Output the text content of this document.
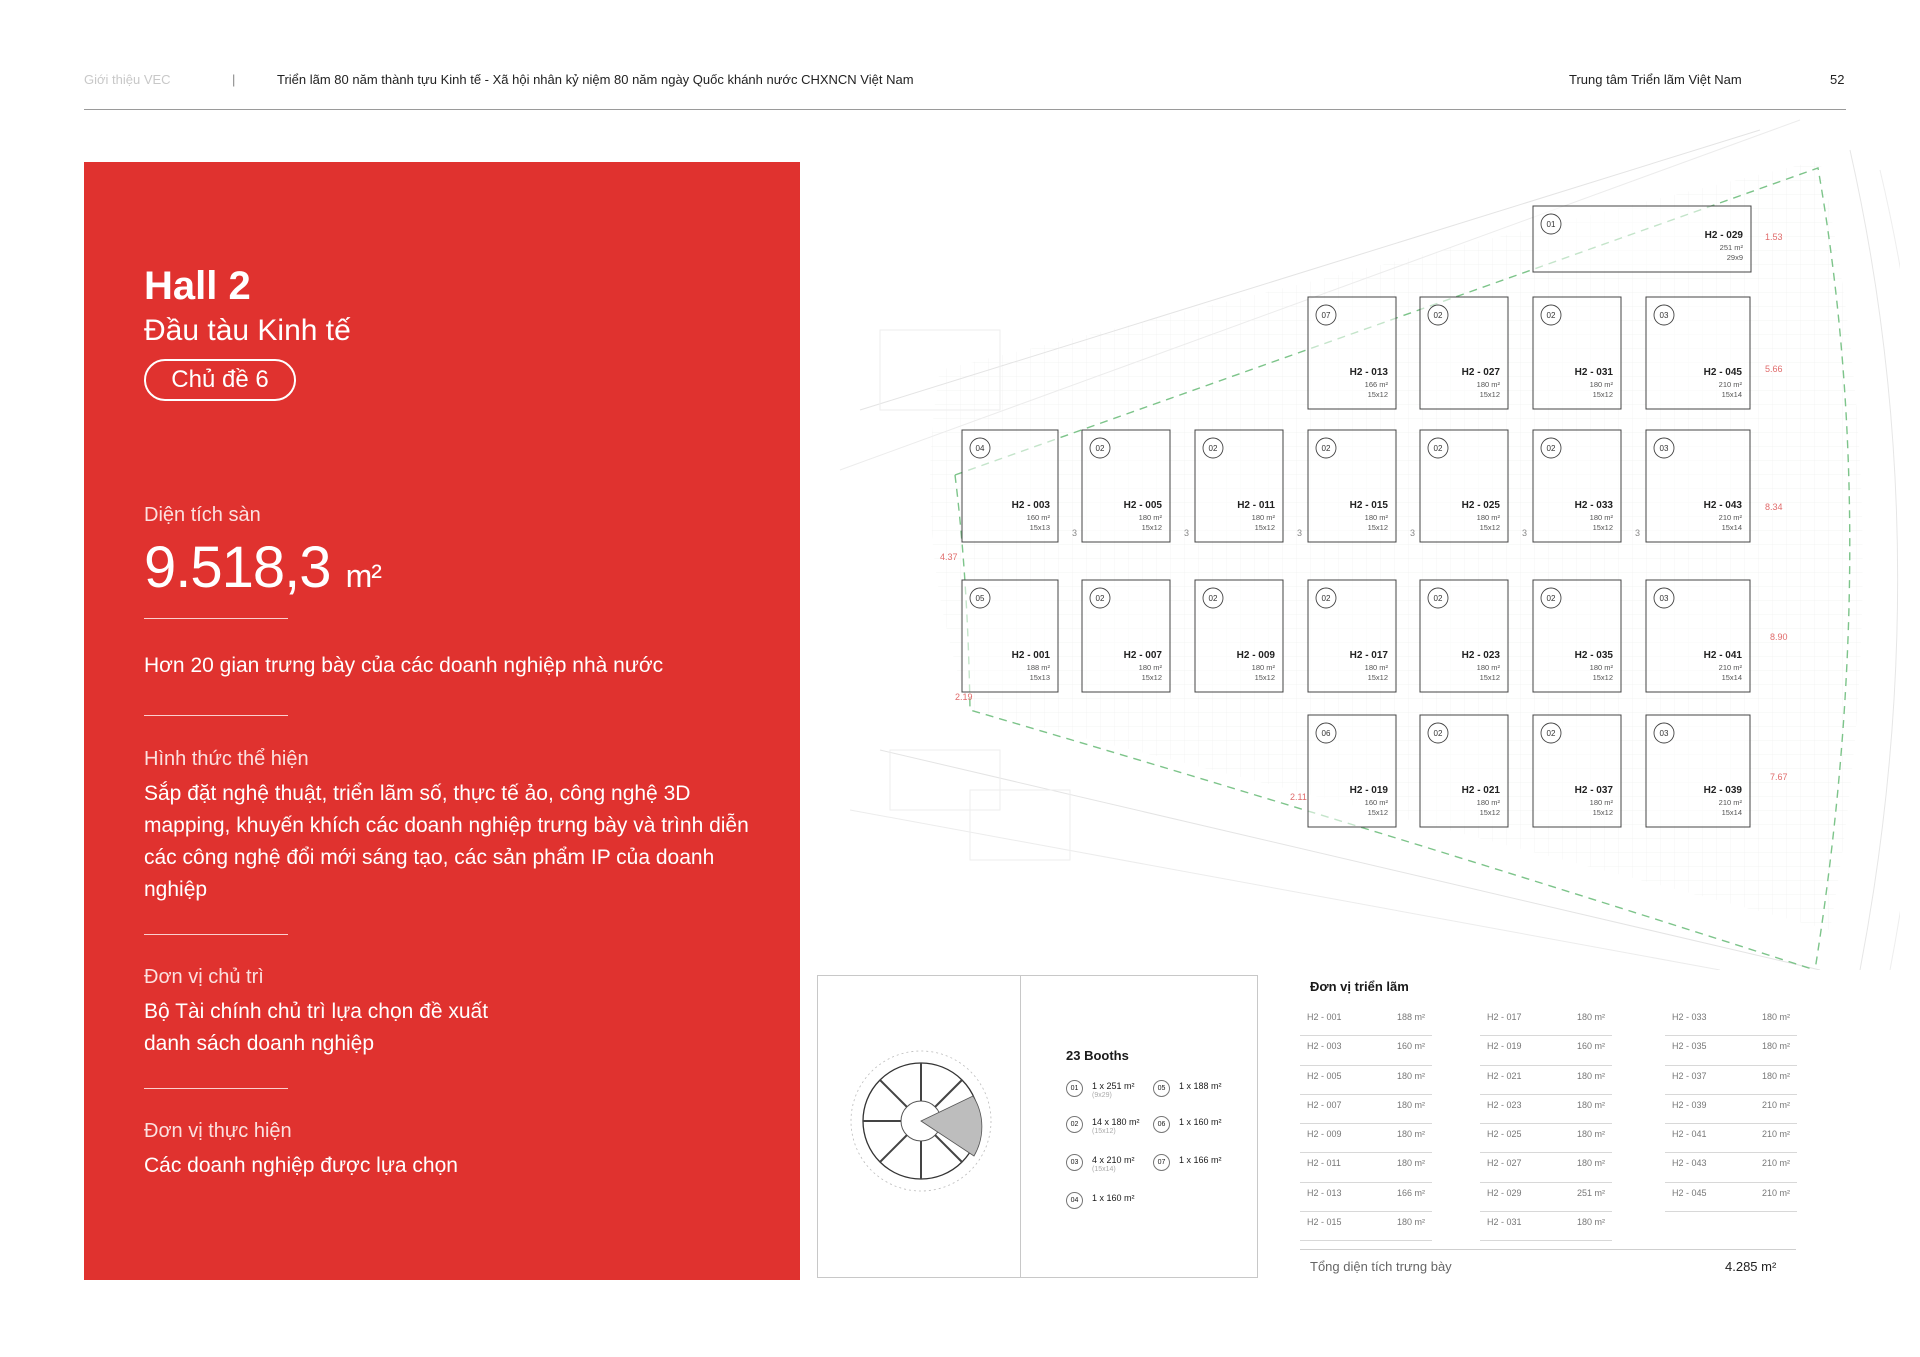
Giới thiệu VEC	|	Triển lãm 80 năm thành tựu Kinh tế - Xã hội nhân kỷ niệm 80 năm ngày Quốc khánh nước CHXNCN Việt Nam	Trung tâm Triển lãm Việt Nam	52
Hall 2
Đầu tàu Kinh tế
Chủ đề 6
Diện tích sàn
9.518,3 m²
Hơn 20 gian trưng bày của các doanh nghiệp nhà nước
Hình thức thể hiện
Sắp đặt nghệ thuật, triển lãm số, thực tế ảo, công nghệ 3D mapping, khuyến khích các doanh nghiệp trưng bày và trình diễn các công nghệ đổi mới sáng tạo, các sản phẩm IP của doanh nghiệp
Đơn vị chủ trì
Bộ Tài chính chủ trì lựa chọn đề xuất danh sách doanh nghiệp
Đơn vị thực hiện
Các doanh nghiệp được lựa chọn
01
H2 - 029
251 m²
29x9
07
H2 - 013
166 m²
15x12
02
H2 - 027
180 m²
15x12
02
H2 - 031
180 m²
15x12
03
H2 - 045
210 m²
15x14
04
H2 - 003
160 m²
15x13
02
H2 - 005
180 m²
15x12
02
H2 - 011
180 m²
15x12
02
H2 - 015
180 m²
15x12
02
H2 - 025
180 m²
15x12
02
H2 - 033
180 m²
15x12
03
H2 - 043
210 m²
15x14
05
H2 - 001
188 m²
15x13
02
H2 - 007
180 m²
15x12
02
H2 - 009
180 m²
15x12
02
H2 - 017
180 m²
15x12
02
H2 - 023
180 m²
15x12
02
H2 - 035
180 m²
15x12
03
H2 - 041
210 m²
15x14
06
H2 - 019
160 m²
15x12
02
H2 - 021
180 m²
15x12
02
H2 - 037
180 m²
15x12
03
H2 - 039
210 m²
15x14
3	3	3	3	3	3
1.53
5.66
8.34
8.90
7.67
4.37
2.19
2.11
23 Booths
01	1 x 251 m²
(9x29)
05	1 x 188 m²
02	14 x 180 m²
(15x12)
06	1 x 160 m²
03	4 x 210 m²
(15x14)
07	1 x 166 m²
04	1 x 160 m²
Đơn vị triển lãm
H2 - 001	188 m²
H2 - 003	160 m²
H2 - 005	180 m²
H2 - 007	180 m²
H2 - 009	180 m²
H2 - 011	180 m²
H2 - 013	166 m²
H2 - 015	180 m²
H2 - 017	180 m²
H2 - 019	160 m²
H2 - 021	180 m²
H2 - 023	180 m²
H2 - 025	180 m²
H2 - 027	180 m²
H2 - 029	251 m²
H2 - 031	180 m²
H2 - 033	180 m²
H2 - 035	180 m²
H2 - 037	180 m²
H2 - 039	210 m²
H2 - 041	210 m²
H2 - 043	210 m²
H2 - 045	210 m²
Tổng diện tích trưng bày	4.285 m²
